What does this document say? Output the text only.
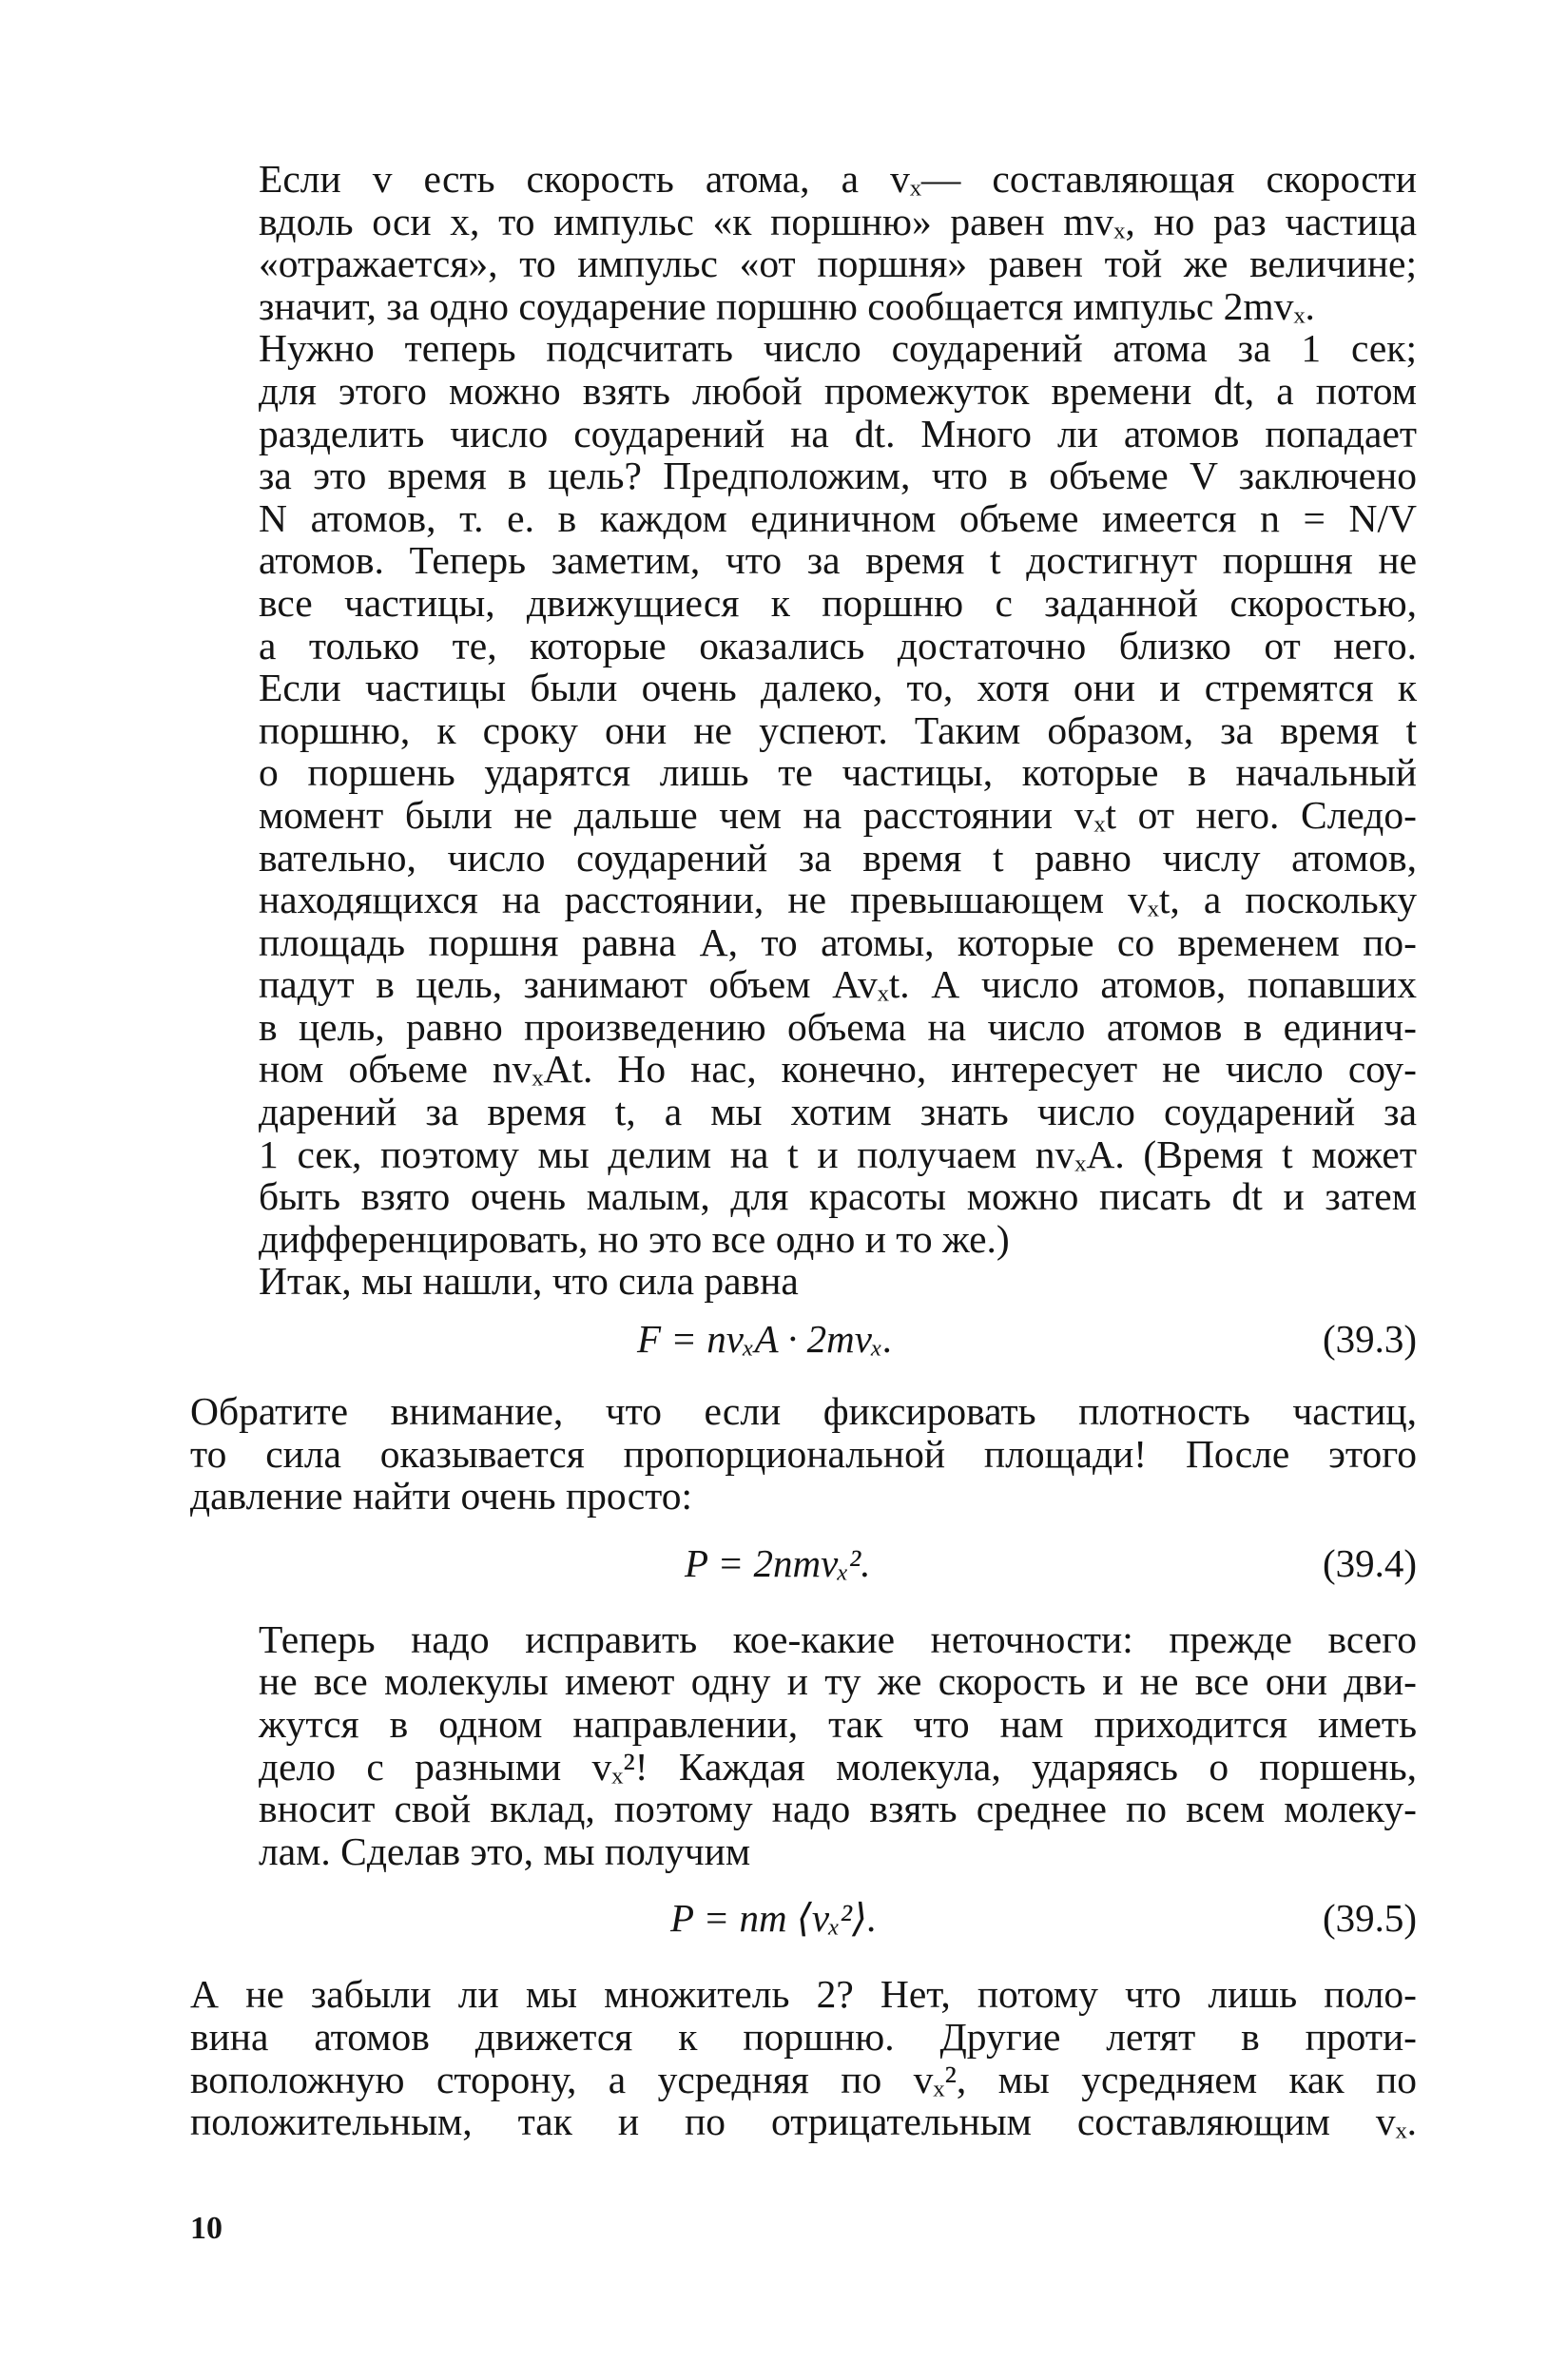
Если v есть скорость атома, а vₓ— составляющая скорости
вдоль оси x, то импульс «к поршню» равен mvₓ, но раз частица
«отражается», то импульс «от поршня» равен той же величине;
значит, за одно соударение поршню сообщается импульс 2mvₓ.

Нужно теперь подсчитать число соударений атома за 1 сек;
для этого можно взять любой промежуток времени dt, а потом
разделить число соударений на dt. Много ли атомов попадает
за это время в цель? Предположим, что в объеме V заключено
N атомов, т. е. в каждом единичном объеме имеется n = N/V
атомов. Теперь заметим, что за время t достигнут поршня не
все частицы, движущиеся к поршню с заданной скоростью,
а только те, которые оказались достаточно близко от него.
Если частицы были очень далеко, то, хотя они и стремятся к
поршню, к сроку они не успеют. Таким образом, за время t
о поршень ударятся лишь те частицы, которые в начальный
момент были не дальше чем на расстоянии vₓt от него. Следо-
вательно, число соударений за время t равно числу атомов,
находящихся на расстоянии, не превышающем vₓt, а поскольку
площадь поршня равна A, то атомы, которые со временем по-
падут в цель, занимают объем Avₓt. А число атомов, попавших
в цель, равно произведению объема на число атомов в единич-
ном объеме nvₓAt. Но нас, конечно, интересует не число соу-
дарений за время t, а мы хотим знать число соударений за
1 сек, поэтому мы делим на t и получаем nvₓA. (Время t может
быть взято очень малым, для красоты можно писать dt и затем
дифференцировать, но это все одно и то же.)

Итак, мы нашли, что сила равна

F = nvₓA · 2mvₓ.	(39.3)

Обратите внимание, что если фиксировать плотность частиц,
то сила оказывается пропорциональной площади! После этого
давление найти очень просто:

P = 2nmvₓ².	(39.4)

Теперь надо исправить кое-какие неточности: прежде всего
не все молекулы имеют одну и ту же скорость и не все они дви-
жутся в одном направлении, так что нам приходится иметь
дело с разными vₓ²! Каждая молекула, ударяясь о поршень,
вносит свой вклад, поэтому надо взять среднее по всем молеку-
лам. Сделав это, мы получим

P = nm ⟨vₓ²⟩.	(39.5)

А не забыли ли мы множитель 2? Нет, потому что лишь поло-
вина атомов движется к поршню. Другие летят в проти-
воположную сторону, а усредняя по vₓ², мы усредняем как по
положительным, так и по отрицательным составляющим vₓ.

10
